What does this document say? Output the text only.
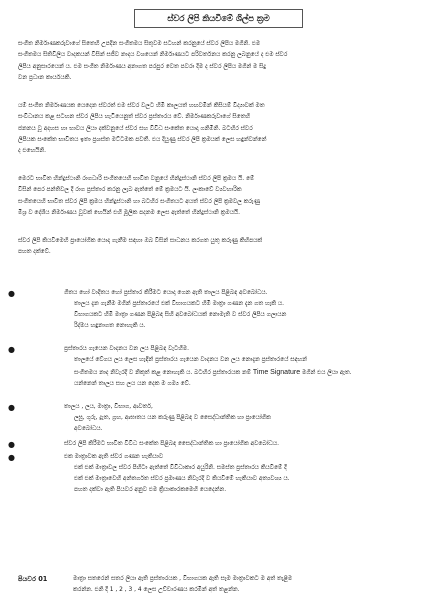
ස්වර ලිපි කියවීමේ ශිල්ප ක්‍රම

සංගීත නිර්මාණකරුවාගේ සිතෙහි උපදින සංගීතමය සිතුවම සටහන් කරනුයේ ස්වර ලිපිය මගිනි. එම

සංගීතමය සිතිවිලිය වාදකයන් විසින් සජීව නාදය වශයෙන් නිර්මාණයට පරිවර්තනය කරනු ලබනුයේ ද එම ස්වර

ලිපිය අනුසාරයෙන් ය. එම සංගීත නිර්මාණය අනාගත පරපුර වෙත පවරා දීම ද ස්වර ලිපිය මගින් ම සිදු

වන ප්‍රධාන කාර්යයකි.

යම් සංගීත නිර්මාණයක යෙදෙන ස්වරත් එම ස්වර වලට හිමි කාලයත් හඟවමින් කිසියම් විද්‍යාවක් මත

සංවිධානය කළ සටහන ස්වර ලිපිය හැටියෙනුත් ස්වර ප්‍රස්තාරය වේ. නිර්මාණකරුවාගේ සිතෙහි

ජනනය වූ අදහස හා භාවය ලියා දක්වනුයේ ස්වර සහ විවිධ සංකේත යොදා ගනිමිනි. බටහිර ස්වර

ලිපියක සංකේත භාවිතය ඉතා ප්‍රශස්ත මට්ටමක පවතී. එය දියුණු ස්වර ලිපි ක්‍රමයක් ලෙස හඳුන්වන්නේ

ද එහෙයිනි.

මෙරට භාවිත හින්දුස්ථානි රාගධාරි සංගීතයෙහි භාවිත වනුයේ හින්දුස්ථානි ස්වර ලිපි ක්‍රමය යි. මේ

විසින් පෙර පන්තිවල දී රාග ප්‍රස්තාර කරනු ලැබ ඇත්තේ මේ ක්‍රමයට යි. ලංකාවේ ව්‍යවහාරික

සංගීතයෙහි භාවිත ස්වර ලිපි ක්‍රමය හින්දුස්ථානි හා බටහිර සංගීතයට අයත් ස්වර ලිපි ක්‍රමවල කරුණු

මිශ්‍ර ව දේශීය නිර්මාණය වූවක් හෙයින් එහි මූලික පදනම ලෙස ඇත්තේ හින්දුස්ථානි ක්‍රමයයි.

ස්වර ලිපි කියවීමෙහි ප්‍රායෝගික යොදා ගැනීම සඳහා ඔබ විසින් සාධනය කරගත යුතු කරුණු කිහිපයක්

පහත දක්වේ.

●	ගීතය හෝ වාදිතය හෝ ප්‍රස්තාර කිරීමට යොදා ගෙන ඇති තාලය පිළිබඳ අවබෝධය.

තාලය දැන ගැනීම මගින් ප්‍රස්තාරයේ එක් විභාගයකට හිමි මාත්‍රා ගණන දැන ගත හැකි ය.

විභාගයකට හිමි මාත්‍රා ගණන පිළිබඳ සිහි අවබෝධයක් නොමැති ව ස්වර ලිපිය ගලායන

රිද්මය හඳුනාගත නොහැකි ය.

●	ප්‍රස්තාරය ගැයෙන වාදනය වන ලය පිළිබඳ වැටහීම.

තාලයේ වේගය ලය ලෙස හැඳින් ප්‍රස්තාරය ගැයෙන වාදනය වන ලය නොදැන ප්‍රස්තාරයේ සඳහන්

සංගීතමය නාද නිවැරදි ව නිකුත් කළ නොහැකි ය. බටහිර ප්‍රස්තාරයක නම් Time Signature මගින් එය ලියා ඇත.

යන්නෙන් තාලය සහ ලය යන දෙක ම ගම්‍ය වේ.

●	තාලය , ලය, මාත්‍රා, විභාග, ආවර්ත,

ලඝු, ගුරු, ද්‍රැත, ග්‍රහ, ආඝාතය යන කරුණු පිළිබඳ ව සෛද්ධාන්තික හා ප්‍රායෝගික

අවබෝධය.

●	ස්වර ලිපි කිරීමට භාවිත විවිධ සංකේත පිළිබඳ සෛද්ධාන්තික හා ප්‍රායෝගික අවබෝධය.

●	එක මාත්‍රාවක ඇති ස්වර ගණන හැකියාව

එක් එක් මාත්‍රාවල ස්වර පිහිටා ඇත්තේ විවිධාකාර අයුරිනි. සමස්ත ප්‍රස්තාරය කියවීමේ දී

එක් එක් මාත්‍රාවෙහි අන්තර්ගත ස්වර ප්‍රමාණය නිවැරදි ව කියවීමේ හැකියාව අත්‍යවශ්‍ය ය.

පහත දක්වා ඇති පියවර අනුව එම ක්‍රියාකාරකමෙහි යෙදෙන්න.

පියවර 01	මාත්‍රා සතරෙන් සතර ලියා ඇති ප්‍රස්තාරයක , විභාගයක ඇති සෑම මාත්‍රාවකට ම අත් තැළීම

කරන්න. එනි දී 1 , 2 , 3 , 4 ලෙස උච්චාරණය කරමින් අත් තළන්න.
